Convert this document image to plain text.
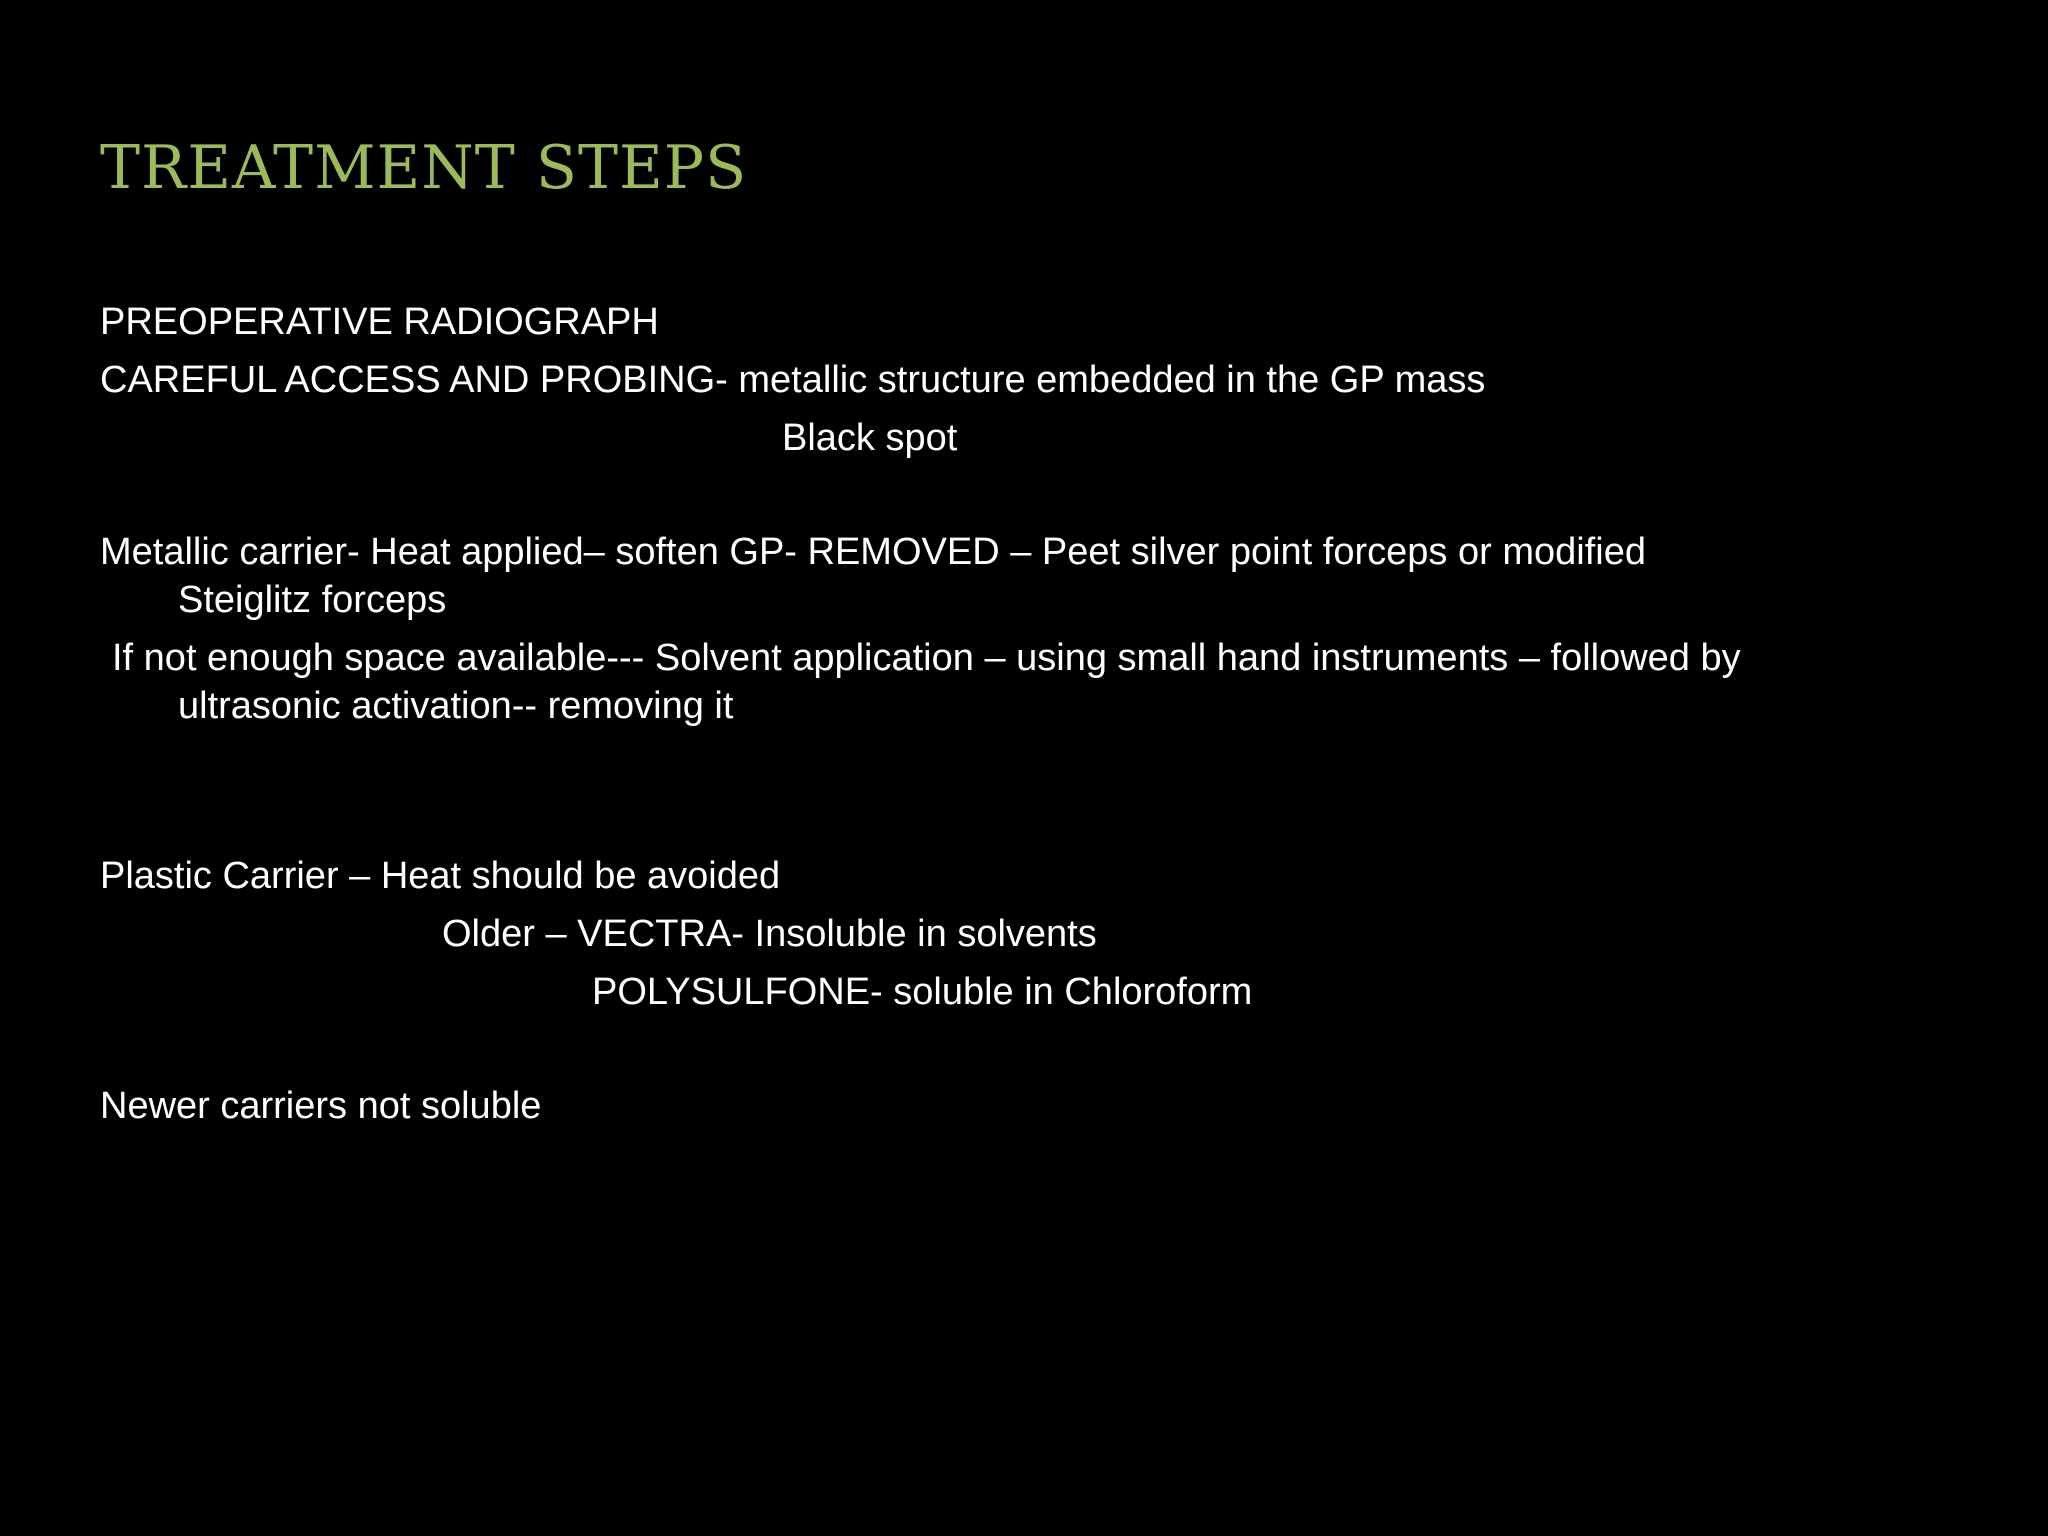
TREATMENT STEPS

PREOPERATIVE RADIOGRAPH

CAREFUL ACCESS AND PROBING- metallic structure embedded in the GP mass

Black spot

Metallic carrier- Heat applied– soften GP- REMOVED – Peet silver point forceps or modified

Steiglitz forceps

If not enough space available--- Solvent application – using small hand instruments – followed by

ultrasonic activation-- removing it

Plastic Carrier – Heat should be avoided

Older – VECTRA- Insoluble in solvents

POLYSULFONE- soluble in Chloroform

Newer carriers not soluble
